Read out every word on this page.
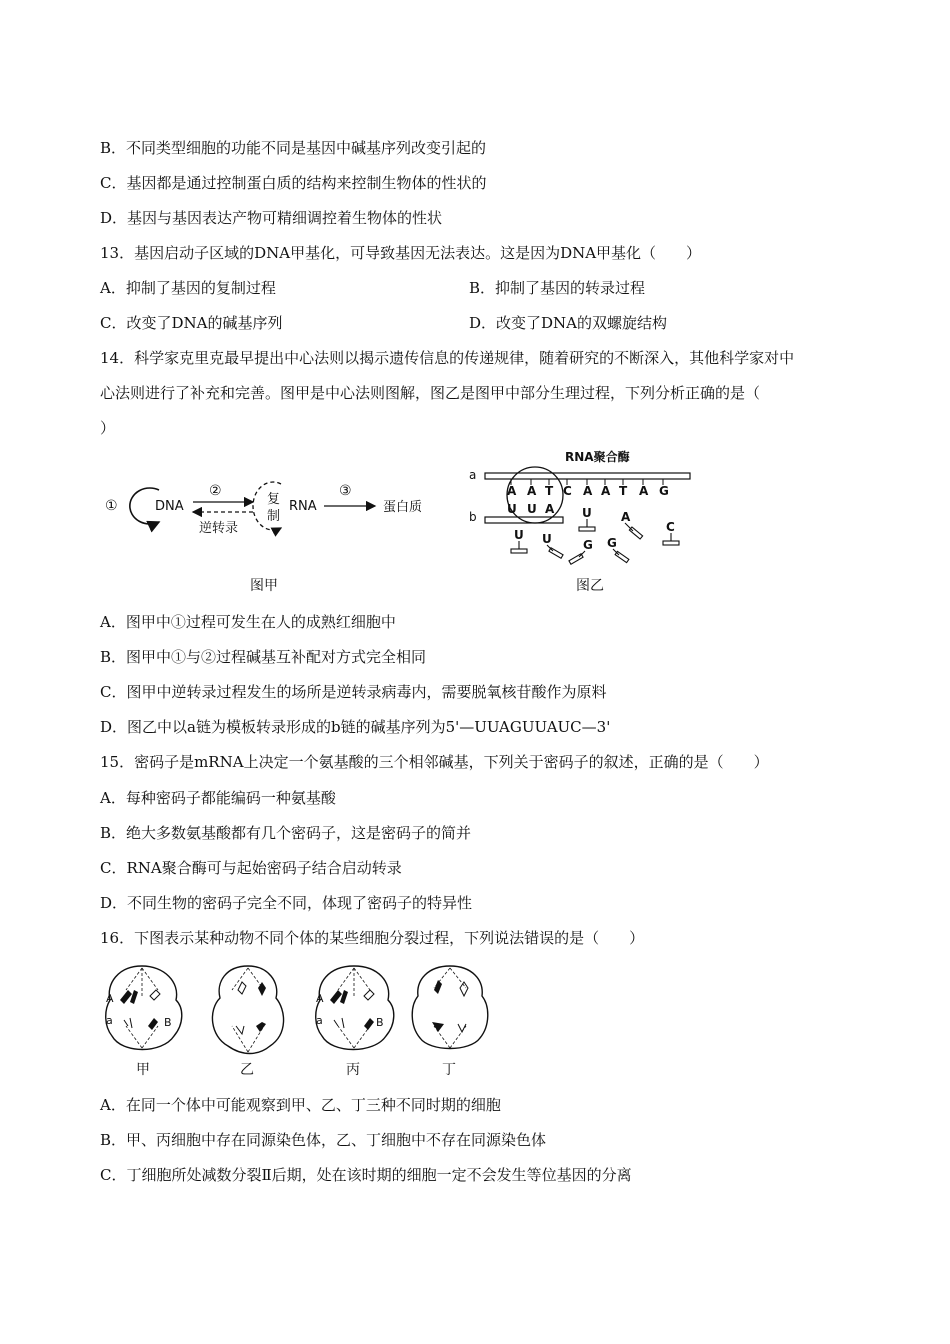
B．不同类型细胞的功能不同是基因中碱基序列改变引起的
C．基因都是通过控制蛋白质的结构来控制生物体的性状的
D．基因与基因表达产物可精细调控着生物体的性状
13．基因启动子区域的DNA甲基化，可导致基因无法表达。这是因为DNA甲基化（　　）
A．抑制了基因的复制过程	B．抑制了基因的转录过程
C．改变了DNA的碱基序列	D．改变了DNA的双螺旋结构
14．科学家克里克最早提出中心法则以揭示遗传信息的传递规律，随着研究的不断深入，其他科学家对中
心法则进行了补充和完善。图甲是中心法则图解，图乙是图甲中部分生理过程，下列分析正确的是（
）
①	DNA
②
逆转录
复
制
RNA
③
蛋白质
图甲
RNA聚合酶
a
A A T C A A T A G
b
U U A U A
C
U U	G G
图乙
A．图甲中①过程可发生在人的成熟红细胞中
B．图甲中①与②过程碱基互补配对方式完全相同
C．图甲中逆转录过程发生的场所是逆转录病毒内，需要脱氧核苷酸作为原料
D．图乙中以a链为模板转录形成的b链的碱基序列为5'—UUAGUUAUC—3'
15．密码子是mRNA上决定一个氨基酸的三个相邻碱基，下列关于密码子的叙述，正确的是（　　）
A．每种密码子都能编码一种氨基酸
B．绝大多数氨基酸都有几个密码子，这是密码子的简并
C．RNA聚合酶可与起始密码子结合启动转录
D．不同生物的密码子完全不同，体现了密码子的特异性
16．下图表示某种动物不同个体的某些细胞分裂过程，下列说法错误的是（　　）
A
a	B
A
a	B
甲	乙	丙	丁
A．在同一个体中可能观察到甲、乙、丁三种不同时期的细胞
B．甲、丙细胞中存在同源染色体，乙、丁细胞中不存在同源染色体
C．丁细胞所处减数分裂Ⅱ后期，处在该时期的细胞一定不会发生等位基因的分离
